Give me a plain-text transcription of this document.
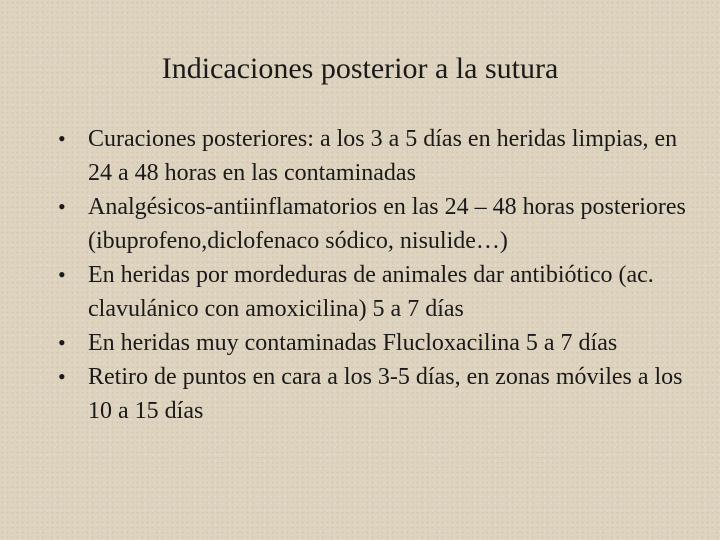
Indicaciones posterior a la sutura
• Curaciones posteriores: a los 3 a 5 días en heridas limpias, en 24 a 48 horas en las contaminadas
• Analgésicos-antiinflamatorios en las 24 – 48 horas posteriores (ibuprofeno,diclofenaco sódico, nisulide…)
• En heridas por mordeduras de animales dar antibiótico (ac. clavulánico con amoxicilina) 5 a 7 días
• En heridas muy contaminadas Flucloxacilina 5 a 7 días
• Retiro de puntos en cara a los 3-5 días, en zonas móviles a los 10 a 15 días
